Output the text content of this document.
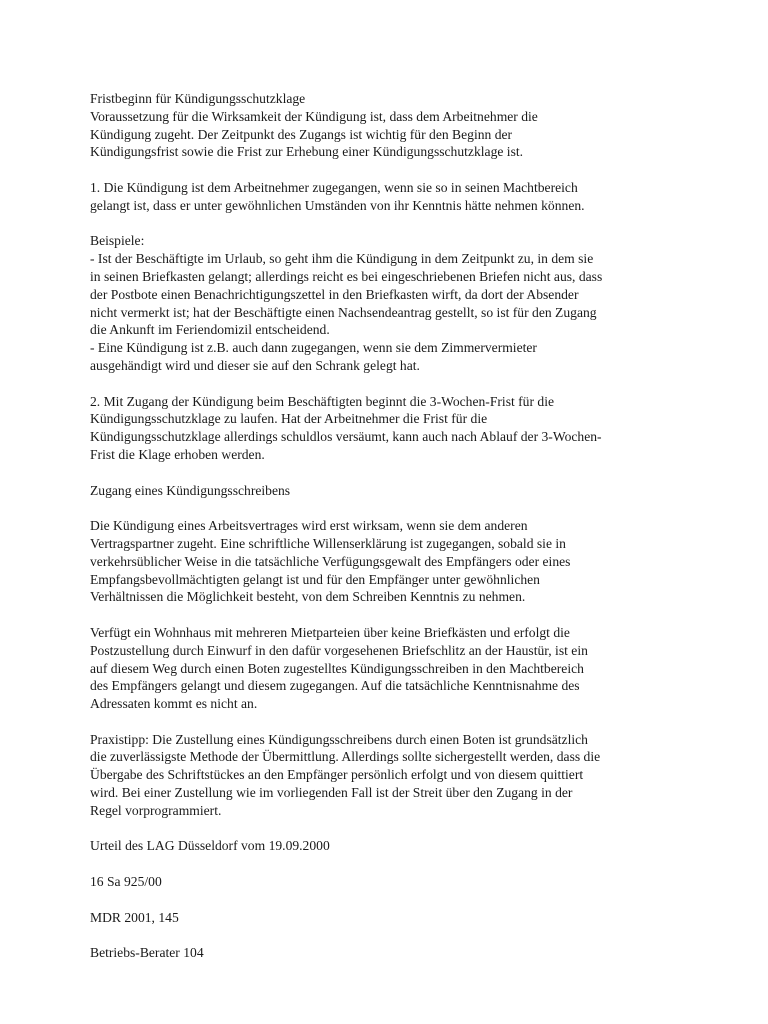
Fristbeginn für Kündigungsschutzklage
Voraussetzung für die Wirksamkeit der Kündigung ist, dass dem Arbeitnehmer die
Kündigung zugeht. Der Zeitpunkt des Zugangs ist wichtig für den Beginn der
Kündigungsfrist sowie die Frist zur Erhebung einer Kündigungsschutzklage ist.

1. Die Kündigung ist dem Arbeitnehmer zugegangen, wenn sie so in seinen Machtbereich
gelangt ist, dass er unter gewöhnlichen Umständen von ihr Kenntnis hätte nehmen können.

Beispiele:
- Ist der Beschäftigte im Urlaub, so geht ihm die Kündigung in dem Zeitpunkt zu, in dem sie
in seinen Briefkasten gelangt; allerdings reicht es bei eingeschriebenen Briefen nicht aus, dass
der Postbote einen Benachrichtigungszettel in den Briefkasten wirft, da dort der Absender
nicht vermerkt ist; hat der Beschäftigte einen Nachsendeantrag gestellt, so ist für den Zugang
die Ankunft im Feriendomizil entscheidend.
- Eine Kündigung ist z.B. auch dann zugegangen, wenn sie dem Zimmervermieter
ausgehändigt wird und dieser sie auf den Schrank gelegt hat.

2. Mit Zugang der Kündigung beim Beschäftigten beginnt die 3-Wochen-Frist für die
Kündigungsschutzklage zu laufen. Hat der Arbeitnehmer die Frist für die
Kündigungsschutzklage allerdings schuldlos versäumt, kann auch nach Ablauf der 3-Wochen-
Frist die Klage erhoben werden.

Zugang eines Kündigungsschreibens

Die Kündigung eines Arbeitsvertrages wird erst wirksam, wenn sie dem anderen
Vertragspartner zugeht. Eine schriftliche Willenserklärung ist zugegangen, sobald sie in
verkehrsüblicher Weise in die tatsächliche Verfügungsgewalt des Empfängers oder eines
Empfangsbevollmächtigten gelangt ist und für den Empfänger unter gewöhnlichen
Verhältnissen die Möglichkeit besteht, von dem Schreiben Kenntnis zu nehmen.

Verfügt ein Wohnhaus mit mehreren Mietparteien über keine Briefkästen und erfolgt die
Postzustellung durch Einwurf in den dafür vorgesehenen Briefschlitz an der Haustür, ist ein
auf diesem Weg durch einen Boten zugestelltes Kündigungsschreiben in den Machtbereich
des Empfängers gelangt und diesem zugegangen. Auf die tatsächliche Kenntnisnahme des
Adressaten kommt es nicht an.

Praxistipp: Die Zustellung eines Kündigungsschreibens durch einen Boten ist grundsätzlich
die zuverlässigste Methode der Übermittlung. Allerdings sollte sichergestellt werden, dass die
Übergabe des Schriftstückes an den Empfänger persönlich erfolgt und von diesem quittiert
wird. Bei einer Zustellung wie im vorliegenden Fall ist der Streit über den Zugang in der
Regel vorprogrammiert.

Urteil des LAG Düsseldorf vom 19.09.2000

16 Sa 925/00

MDR 2001, 145

Betriebs-Berater 104
